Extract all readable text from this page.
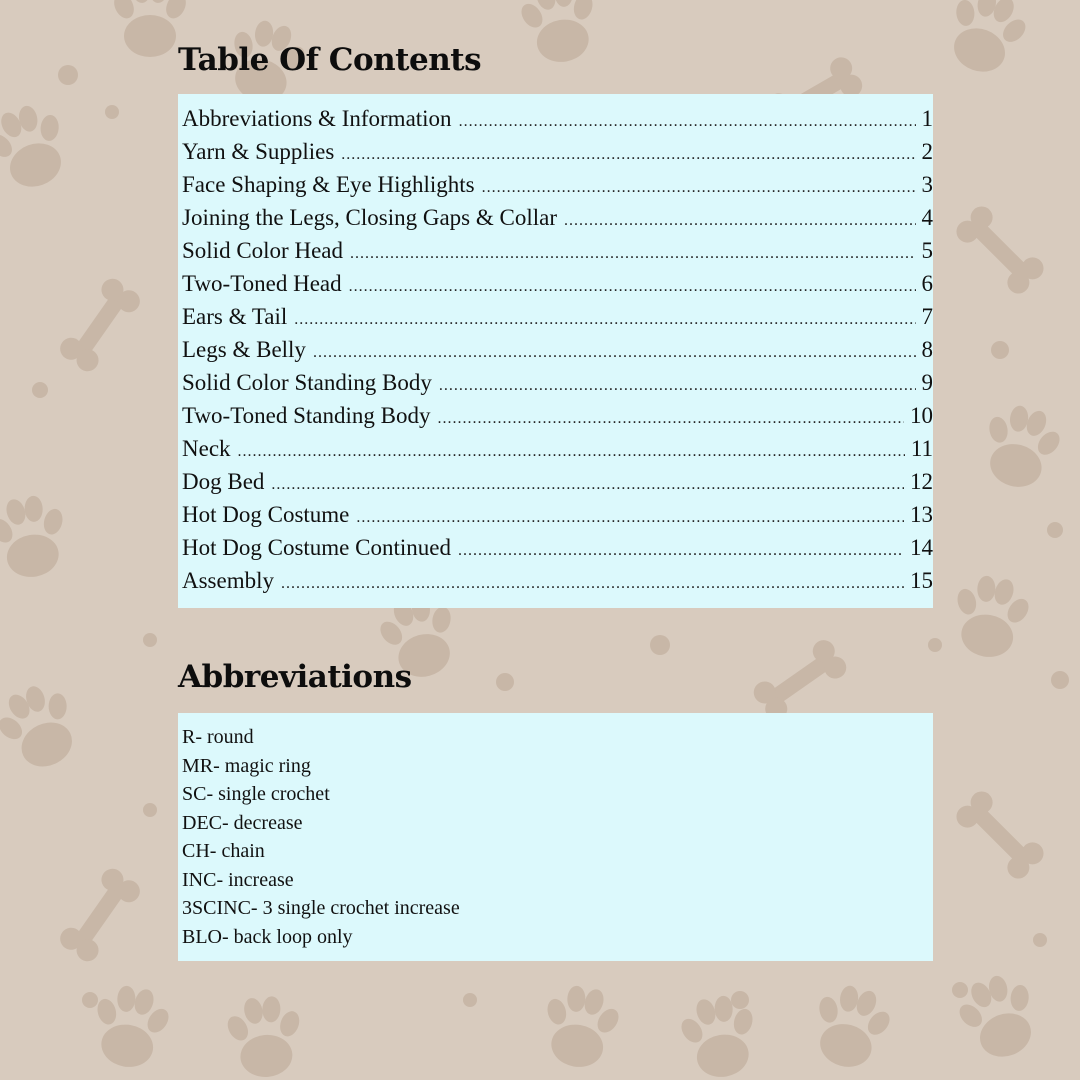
Table Of Contents
Abbreviations & Information .....	1
Yarn & Supplies .....	2
Face Shaping & Eye Highlights .....	3
Joining the Legs, Closing Gaps & Collar .....	4
Solid Color Head .....	5
Two-Toned Head .....	6
Ears & Tail .....	7
Legs & Belly .....	8
Solid Color Standing Body .....	9
Two-Toned Standing Body .....	10
Neck .....	11
Dog Bed .....	12
Hot Dog Costume .....	13
Hot Dog Costume Continued .....	14
Assembly .....	15
Abbreviations
R- round
MR- magic ring
SC- single crochet
DEC- decrease
CH- chain
INC- increase
3SCINC- 3 single crochet increase
BLO- back loop only
